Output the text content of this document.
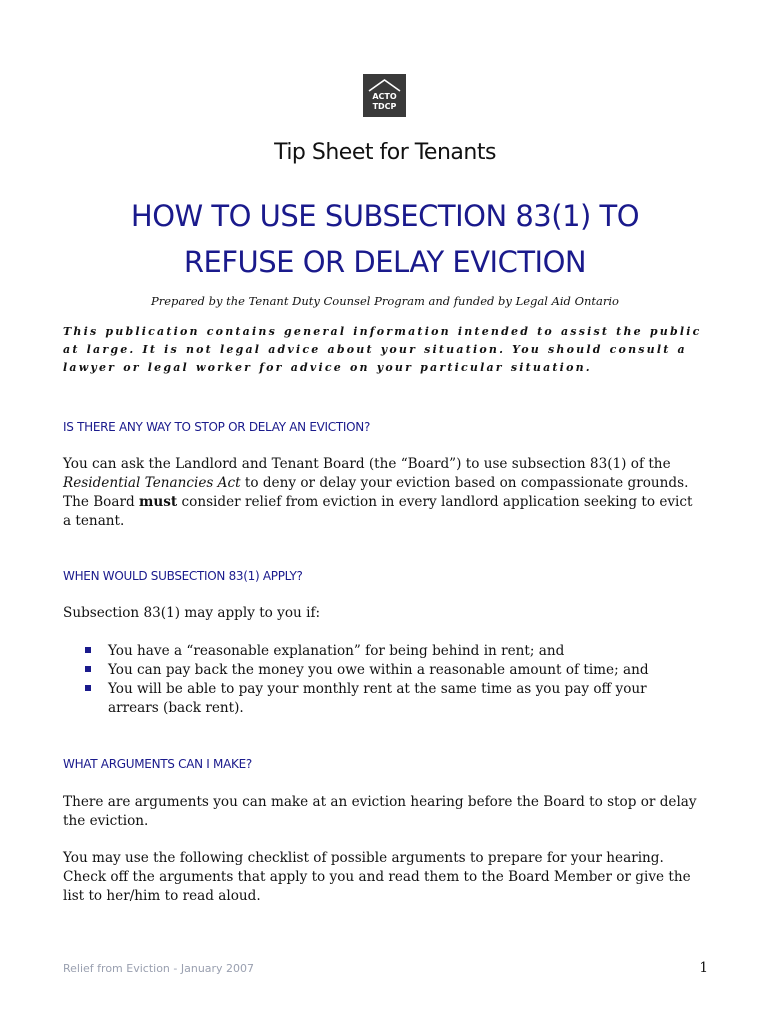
ACTO
TDCP
Tip Sheet for Tenants
HOW TO USE SUBSECTION 83(1) TO
REFUSE OR DELAY EVICTION
Prepared by the Tenant Duty Counsel Program and funded by Legal Aid Ontario
This publication contains general information intended to assist the public at large. It is not legal advice about your situation. You should consult a lawyer or legal worker for advice on your particular situation.
IS THERE ANY WAY TO STOP OR DELAY AN EVICTION?
You can ask the Landlord and Tenant Board (the “Board”) to use subsection 83(1) of the Residential Tenancies Act to deny or delay your eviction based on compassionate grounds. The Board must consider relief from eviction in every landlord application seeking to evict a tenant.
WHEN WOULD SUBSECTION 83(1) APPLY?
Subsection 83(1) may apply to you if:
You have a “reasonable explanation” for being behind in rent; and
You can pay back the money you owe within a reasonable amount of time; and
You will be able to pay your monthly rent at the same time as you pay off your arrears (back rent).
WHAT ARGUMENTS CAN I MAKE?
There are arguments you can make at an eviction hearing before the Board to stop or delay the eviction.
You may use the following checklist of possible arguments to prepare for your hearing. Check off the arguments that apply to you and read them to the Board Member or give the list to her/him to read aloud.
Relief from Eviction - January 2007	1
